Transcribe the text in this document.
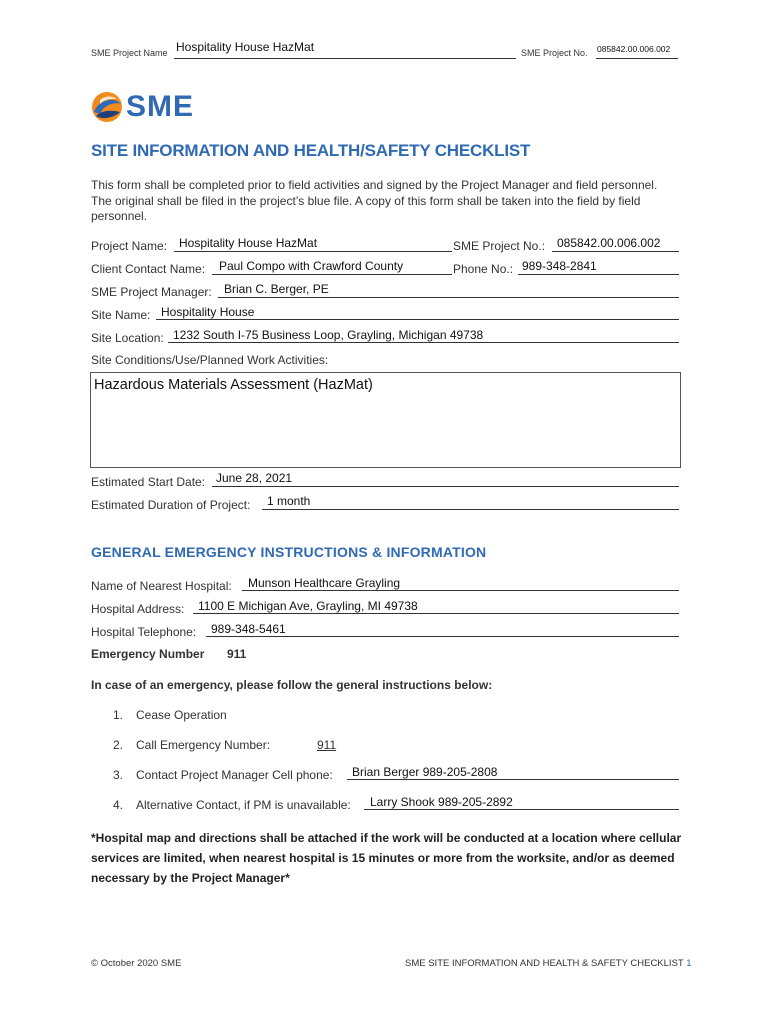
SME Project Name Hospitality House HazMat	SME Project No. 085842.00.006.002
SME
SITE INFORMATION AND HEALTH/SAFETY CHECKLIST
This form shall be completed prior to field activities and signed by the Project Manager and field personnel. The original shall be filed in the project’s blue file. A copy of this form shall be taken into the field by field personnel.
Project Name: Hospitality House HazMat	SME Project No.: 085842.00.006.002
Client Contact Name: Paul Compo with Crawford County	Phone No.: 989-348-2841
SME Project Manager: Brian C. Berger, PE
Site Name: Hospitality House
Site Location: 1232 South I-75 Business Loop, Grayling, Michigan 49738
Site Conditions/Use/Planned Work Activities:
Hazardous Materials Assessment (HazMat)
Estimated Start Date: June 28, 2021
Estimated Duration of Project: 1 month
GENERAL EMERGENCY INSTRUCTIONS & INFORMATION
Name of Nearest Hospital: Munson Healthcare Grayling
Hospital Address: 1100 E Michigan Ave, Grayling, MI 49738
Hospital Telephone: 989-348-5461
Emergency Number 911
In case of an emergency, please follow the general instructions below:
1. Cease Operation
2. Call Emergency Number:	911
3. Contact Project Manager Cell phone: Brian Berger 989-205-2808
4. Alternative Contact, if PM is unavailable: Larry Shook 989-205-2892
*Hospital map and directions shall be attached if the work will be conducted at a location where cellular services are limited, when nearest hospital is 15 minutes or more from the worksite, and/or as deemed necessary by the Project Manager*
© October 2020 SME	SME SITE INFORMATION AND HEALTH & SAFETY CHECKLIST 1
